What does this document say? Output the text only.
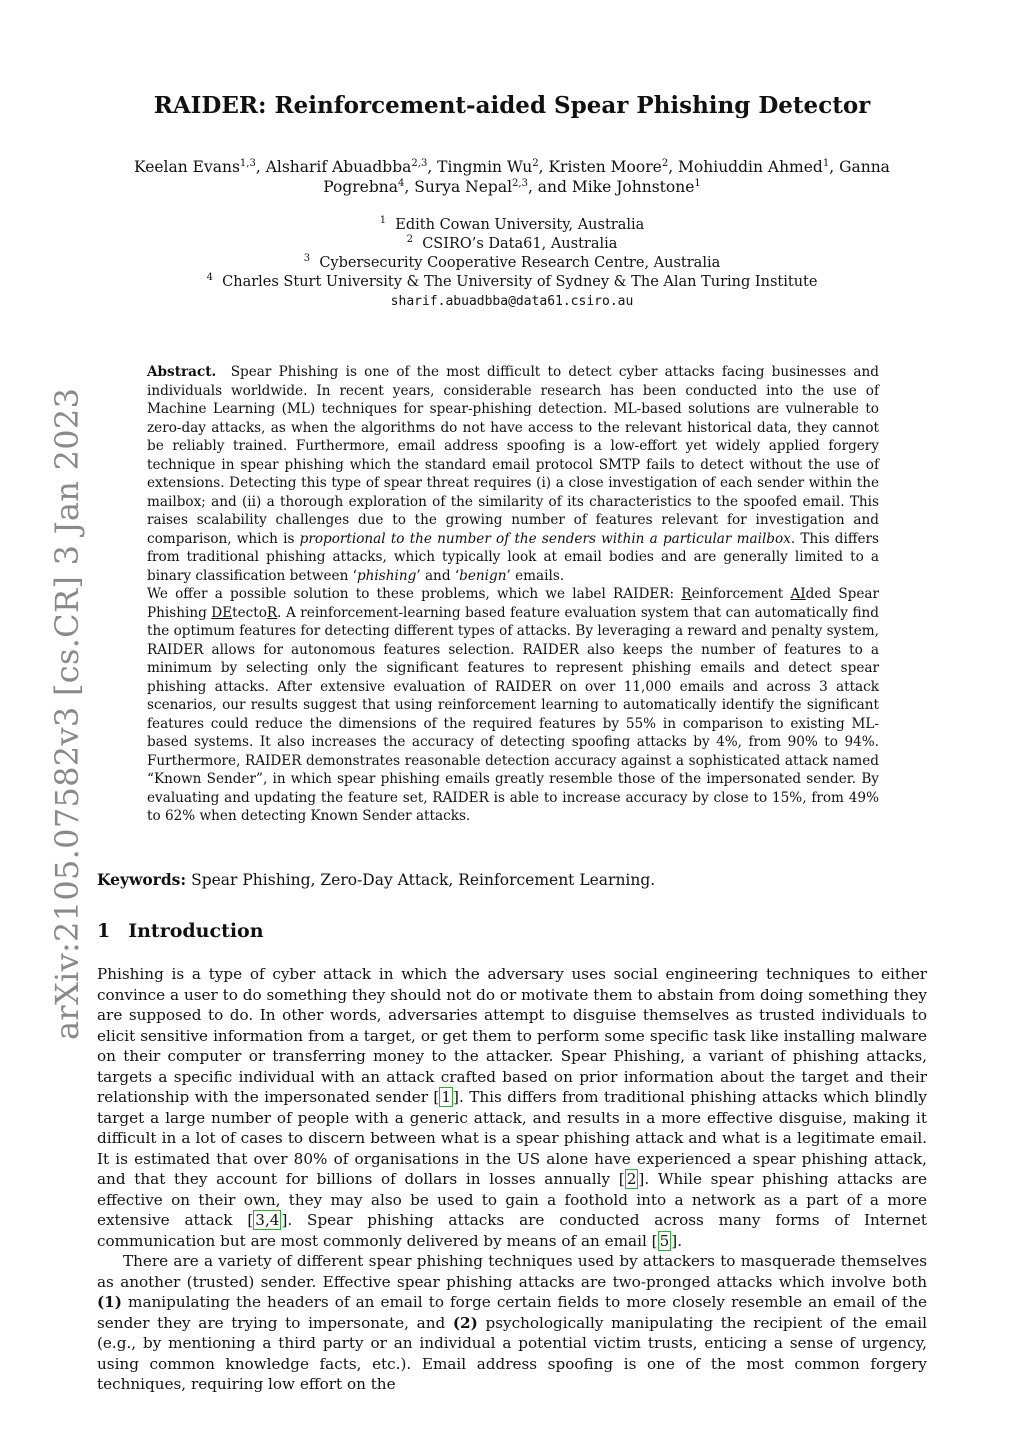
arXiv:2105.07582v3 [cs.CR] 3 Jan 2023
RAIDER: Reinforcement-aided Spear Phishing Detector
Keelan Evans$^{1,3}$, Alsharif Abuadbba$^{2,3}$, Tingmin Wu$^2$, Kristen Moore$^2$, Mohiuddin Ahmed$^1$, Ganna Pogrebna$^4$, Surya Nepal$^{2,3}$, and Mike Johnstone$^1$
$^1$ Edith Cowan University, Australia
$^2$ CSIRO’s Data61, Australia
$^3$ Cybersecurity Cooperative Research Centre, Australia
$^4$ Charles Sturt University & The University of Sydney & The Alan Turing Institute
sharif.abuadbba@data61.csiro.au

Abstract. Spear Phishing is one of the most difficult to detect cyber attacks facing businesses and individuals worldwide. In recent years, considerable research has been conducted into the use of Machine Learning (ML) techniques for spear-phishing detection. ML-based solutions are vulnerable to zero-day attacks, as when the algorithms do not have access to the relevant historical data, they cannot be reliably trained. Furthermore, email address spoofing is a low-effort yet widely applied forgery technique in spear phishing which the standard email protocol SMTP fails to detect without the use of extensions. Detecting this type of spear threat requires (i) a close investigation of each sender within the mailbox; and (ii) a thorough exploration of the similarity of its characteristics to the spoofed email. This raises scalability challenges due to the growing number of features relevant for investigation and comparison, which is proportional to the number of the senders within a particular mailbox. This differs from traditional phishing attacks, which typically look at email bodies and are generally limited to a binary classification between ‘phishing’ and ‘benign’ emails.

We offer a possible solution to these problems, which we label RAIDER: Reinforcement AIded Spear Phishing DEtectoR. A reinforcement-learning based feature evaluation system that can automatically find the optimum features for detecting different types of attacks. By leveraging a reward and penalty system, RAIDER allows for autonomous features selection. RAIDER also keeps the number of features to a minimum by selecting only the significant features to represent phishing emails and detect spear phishing attacks. After extensive evaluation of RAIDER on over 11,000 emails and across 3 attack scenarios, our results suggest that using reinforcement learning to automatically identify the significant features could reduce the dimensions of the required features by 55% in comparison to existing ML-based systems. It also increases the accuracy of detecting spoofing attacks by 4%, from 90% to 94%. Furthermore, RAIDER demonstrates reasonable detection accuracy against a sophisticated attack named “Known Sender”, in which spear phishing emails greatly resemble those of the impersonated sender. By evaluating and updating the feature set, RAIDER is able to increase accuracy by close to 15%, from 49% to 62% when detecting Known Sender attacks.

Keywords: Spear Phishing, Zero-Day Attack, Reinforcement Learning.
1 Introduction

Phishing is a type of cyber attack in which the adversary uses social engineering techniques to either convince a user to do something they should not do or motivate them to abstain from doing something they are supposed to do. In other words, adversaries attempt to disguise themselves as trusted individuals to elicit sensitive information from a target, or get them to perform some specific task like installing malware on their computer or transferring money to the attacker. Spear Phishing, a variant of phishing attacks, targets a specific individual with an attack crafted based on prior information about the target and their relationship with the impersonated sender [ 1 ]. This differs from traditional phishing attacks which blindly target a large number of people with a generic attack, and results in a more effective disguise, making it difficult in a lot of cases to discern between what is a spear phishing attack and what is a legitimate email. It is estimated that over 80% of organisations in the US alone have experienced a spear phishing attack, and that they account for billions of dollars in losses annually [ 2 ]. While spear phishing attacks are effective on their own, they may also be used to gain a foothold into a network as a part of a more extensive attack [ 3,4 ]. Spear phishing attacks are conducted across many forms of Internet communication but are most commonly delivered by means of an email [ 5 ].

There are a variety of different spear phishing techniques used by attackers to masquerade themselves as another (trusted) sender. Effective spear phishing attacks are two-pronged attacks which involve both (1) manipulating the headers of an email to forge certain fields to more closely resemble an email of the sender they are trying to impersonate, and (2) psychologically manipulating the recipient of the email (e.g., by mentioning a third party or an individual a potential victim trusts, enticing a sense of urgency, using common knowledge facts, etc.). Email address spoofing is one of the most common forgery techniques, requiring low effort on the
